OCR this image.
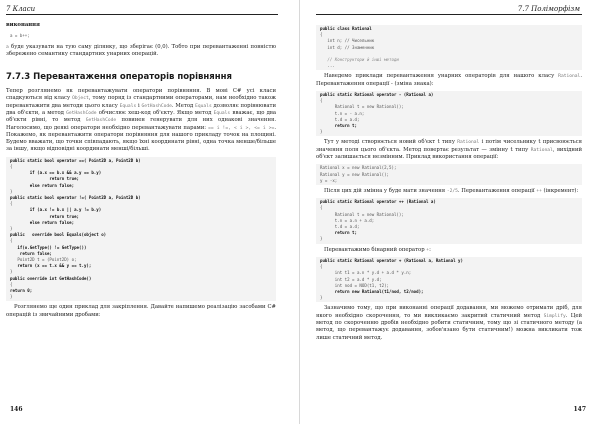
7 Класи

виконання

a = b++;

a буде указувати на тую саму ділянку, що зберігає (0,0). Тобто при перевантаженні повністю збережено семантику стандартних унарних операцій.

7.7.3 Перевантаження операторів порівняння

Тепер розглянемо як перевантажувати оператори порівняння. В мові С# усі класи спадкуються від класу Object, тому поряд із стандартними операторами, нам необхідно також перевантажити два методи цього класу Equals і GetHashCode. Метод Equals дозволяє порівнювати два об'єкти, а метод GetHashCode обчислює хеш-код об'єкту. Якщо метод Equals вважає, що два об'єкти рівні, то метод GetHashCode повинен генерувати для них однакові значення. Наголосимо, що деякі оператори необхідно перевантажувати парами: == і !=, < і >, <= і >=. Покажемо, як перевантажити оператори порівняння для нашого прикладу точок на площині. Будемо вважати, що точки співпадають, якщо їхні координати рівні, одна точка менше/більше за іншу, якщо відповідні координати менші/більші.

public static bool operator ==( Point2D a, Point2D b)
{
if (a.x == b.x && a.y == b.y)
return true;
else return false;
}
public static bool operator !=( Point2D a, Point2D b)
{
if (a.x != b.x || a.y != b.y)
return true;
else return false;
}
public   override bool Equals(object o)
{
if(o.GetType() != GetType())
return false;
Point2D t = (Point2D) o;
return (x == t.x && y == t.y);
}
public override int GetHashCode()
{
return 0;
}

Розглянемо ще один приклад для закріплення. Давайте напишемо реалізацію засобами С# операцій із звичайними дробами:

146
7.7 Поліморфізм
public class Rational
{
int n; // Чисельник
int d; // Знаменник

// Конструктори й інші методи
...

Наведемо приклади перевантаження унарних операторів для нашого класу Rational. Перевантаження операції - (зміна знака):

public static Rational operator - (Rational a)
{
Rational t = new Rational();
t.n = - a.n;
t.d = a.d;
return t;
}

Тут у методі створюється новий об'єкт t типу Rational і потім чисельнику t присвоюється значення поля цього об'єкта. Метод повертає результат — змінну t типу Rational, вихідний об'єкт залишається незмінним. Приклад використання операції:

Rational x = new Rational(2,5);
Rational y = new Rational();
y = -x;

Після цих дій змінна y буде мати значення -2/5. Перевантаження операції ++ (інкремент):

public static Rational operator ++ (Rational a)
{
Rational t = new Rational();
t.n = a.n + a.d;
t.d = a.d;
return t;
}

Перевантажимо бінарний оператор +:

public static Rational operator + (Rational a, Rational y)
{
int t1 = a.n * y.d + a.d * y.n;
int t2 = a.d * y.d;
int nod = NOD(t1, t2);
return new Rational(t1/nod, t2/nod);
}

Зазначимо тому, що при виконанні операції додавання, ми можемо отримати дріб, для якого необхідно скорочення, то ми викликаємо закритий статичний метод Simplify. Цей метод по скороченню дробів необхідно робити статичним, тому що зі статичного методу (а метод, що перевантажує додавання, зобов'язано бути статичним!) можна викликати тож лише статичний метод.

147
